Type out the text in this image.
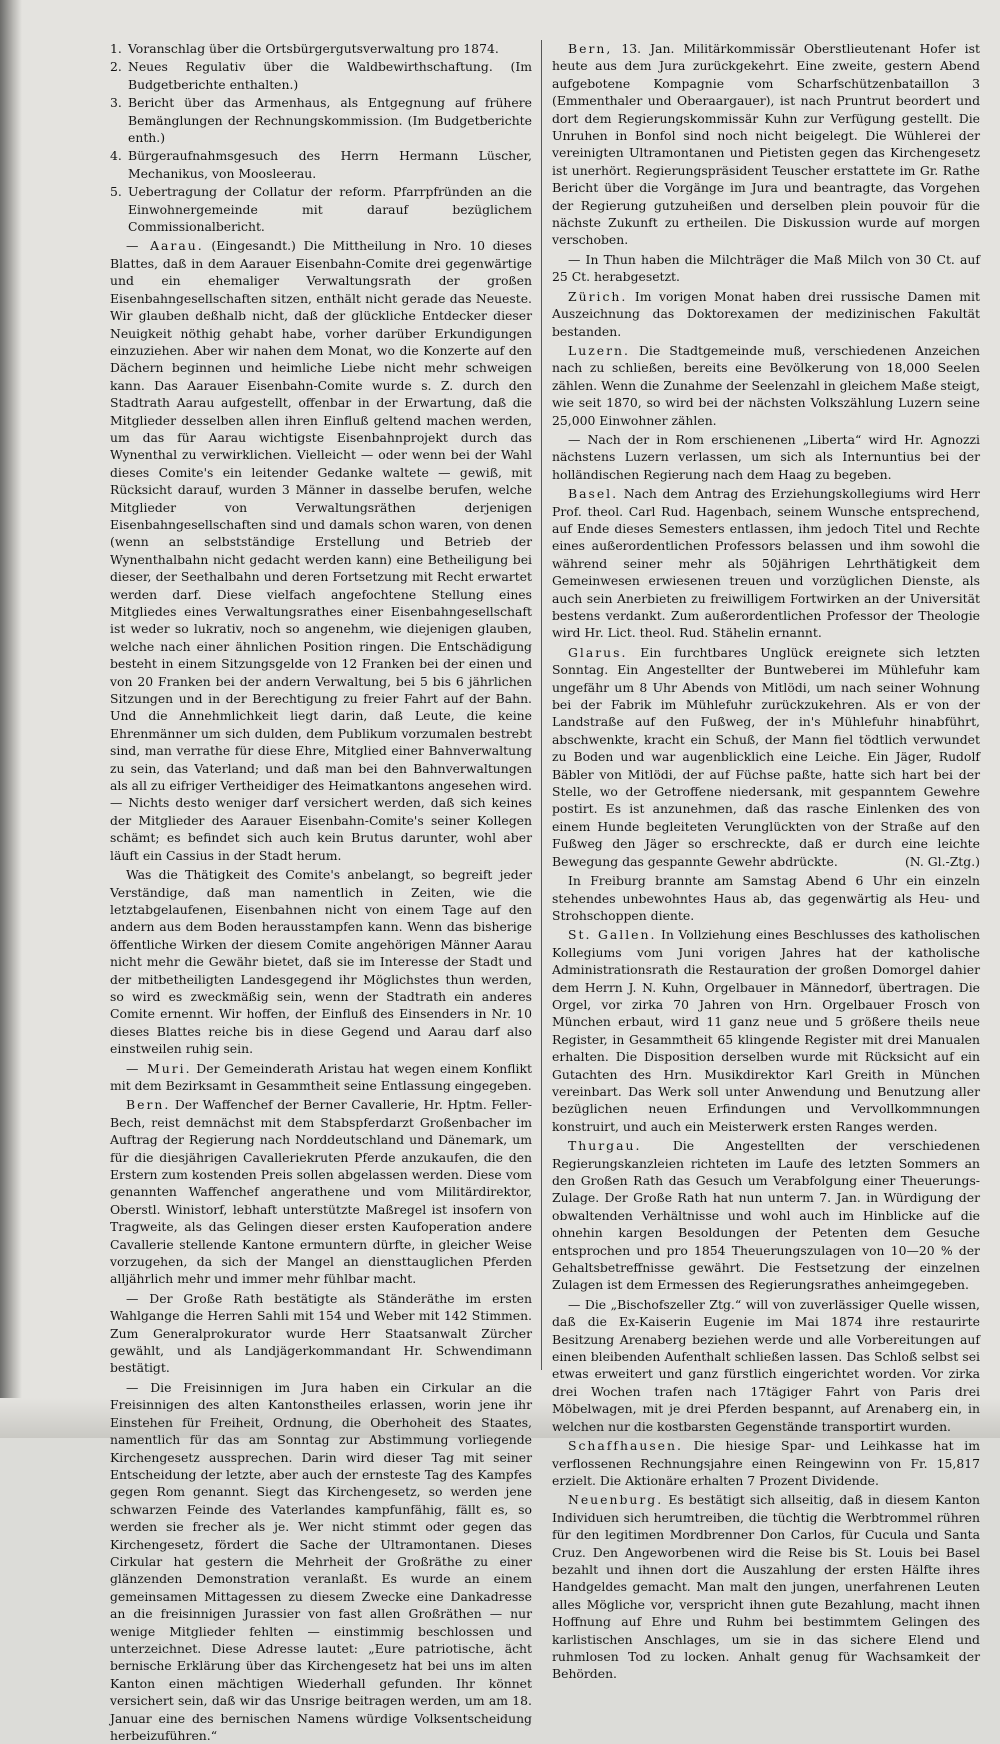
1. Voranschlag über die Ortsbürgergutsverwaltung pro 1874.
2. Neues Regulativ über die Waldbewirthschaftung. (Im Budgetberichte enthalten.)
3. Bericht über das Armenhaus, als Entgegnung auf frühere Bemänglungen der Rechnungskommission. (Im Budgetberichte enth.)
4. Bürgeraufnahmsgesuch des Herrn Hermann Lüscher, Mechanikus, von Moosleerau.
5. Uebertragung der Collatur der reform. Pfarrpfründen an die Einwohnergemeinde mit darauf bezüglichem Commissionalbericht.

— Aarau. (Eingesandt.) Die Mittheilung in Nro. 10 dieses Blattes, daß in dem Aarauer Eisenbahn-Comite drei gegenwärtige und ein ehemaliger Verwaltungsrath der großen Eisenbahngesellschaften sitzen, enthält nicht gerade das Neueste. Wir glauben deßhalb nicht, daß der glückliche Entdecker dieser Neuigkeit nöthig gehabt habe, vorher darüber Erkundigungen einzuziehen. Aber wir nahen dem Monat, wo die Konzerte auf den Dächern beginnen und heimliche Liebe nicht mehr schweigen kann. Das Aarauer Eisenbahn-Comite wurde s. Z. durch den Stadtrath Aarau aufgestellt, offenbar in der Erwartung, daß die Mitglieder desselben allen ihren Einfluß geltend machen werden, um das für Aarau wichtigste Eisenbahnprojekt durch das Wynenthal zu verwirklichen. Vielleicht — oder wenn bei der Wahl dieses Comite's ein leitender Gedanke waltete — gewiß, mit Rücksicht darauf, wurden 3 Männer in dasselbe berufen, welche Mitglieder von Verwaltungsräthen derjenigen Eisenbahngesellschaften sind und damals schon waren, von denen (wenn an selbstständige Erstellung und Betrieb der Wynenthalbahn nicht gedacht werden kann) eine Betheiligung bei dieser, der Seethalbahn und deren Fortsetzung mit Recht erwartet werden darf. Diese vielfach angefochtene Stellung eines Mitgliedes eines Verwaltungsrathes einer Eisenbahngesellschaft ist weder so lukrativ, noch so angenehm, wie diejenigen glauben, welche nach einer ähnlichen Position ringen. Die Entschädigung besteht in einem Sitzungsgelde von 12 Franken bei der einen und von 20 Franken bei der andern Verwaltung, bei 5 bis 6 jährlichen Sitzungen und in der Berechtigung zu freier Fahrt auf der Bahn. Und die Annehmlichkeit liegt darin, daß Leute, die keine Ehrenmänner um sich dulden, dem Publikum vorzumalen bestrebt sind, man verrathe für diese Ehre, Mitglied einer Bahnverwaltung zu sein, das Vaterland; und daß man bei den Bahnverwaltungen als all zu eifriger Vertheidiger des Heimatkantons angesehen wird. — Nichts desto weniger darf versichert werden, daß sich keines der Mitglieder des Aarauer Eisenbahn-Comite's seiner Kollegen schämt; es befindet sich auch kein Brutus darunter, wohl aber läuft ein Cassius in der Stadt herum.

Was die Thätigkeit des Comite's anbelangt, so begreift jeder Verständige, daß man namentlich in Zeiten, wie die letztabgelaufenen, Eisenbahnen nicht von einem Tage auf den andern aus dem Boden herausstampfen kann. Wenn das bisherige öffentliche Wirken der diesem Comite angehörigen Männer Aarau nicht mehr die Gewähr bietet, daß sie im Interesse der Stadt und der mitbetheiligten Landesgegend ihr Möglichstes thun werden, so wird es zweckmäßig sein, wenn der Stadtrath ein anderes Comite ernennt. Wir hoffen, der Einfluß des Einsenders in Nr. 10 dieses Blattes reiche bis in diese Gegend und Aarau darf also einstweilen ruhig sein.

— Muri. Der Gemeinderath Aristau hat wegen einem Konflikt mit dem Bezirksamt in Gesammtheit seine Entlassung eingegeben.

Bern. Der Waffenchef der Berner Cavallerie, Hr. Hptm. Feller-Bech, reist demnächst mit dem Stabspferdarzt Großenbacher im Auftrag der Regierung nach Norddeutschland und Dänemark, um für die diesjährigen Cavalleriekruten Pferde anzukaufen, die den Erstern zum kostenden Preis sollen abgelassen werden. Diese vom genannten Waffenchef angerathene und vom Militärdirektor, Oberstl. Winistorf, lebhaft unterstützte Maßregel ist insofern von Tragweite, als das Gelingen dieser ersten Kaufoperation andere Cavallerie stellende Kantone ermuntern dürfte, in gleicher Weise vorzugehen, da sich der Mangel an diensttauglichen Pferden alljährlich mehr und immer mehr fühlbar macht.

— Der Große Rath bestätigte als Ständeräthe im ersten Wahlgange die Herren Sahli mit 154 und Weber mit 142 Stimmen. Zum Generalprokurator wurde Herr Staatsanwalt Zürcher gewählt, und als Landjägerkommandant Hr. Schwendimann bestätigt.

— Die Freisinnigen im Jura haben ein Cirkular an die Freisinnigen des alten Kantonstheiles erlassen, worin jene ihr Einstehen für Freiheit, Ordnung, die Oberhoheit des Staates, namentlich für das am Sonntag zur Abstimmung vorliegende Kirchengesetz aussprechen. Darin wird dieser Tag mit seiner Entscheidung der letzte, aber auch der ernsteste Tag des Kampfes gegen Rom genannt. Siegt das Kirchengesetz, so werden jene schwarzen Feinde des Vaterlandes kampfunfähig, fällt es, so werden sie frecher als je. Wer nicht stimmt oder gegen das Kirchengesetz, fördert die Sache der Ultramontanen. Dieses Cirkular hat gestern die Mehrheit der Großräthe zu einer glänzenden Demonstration veranlaßt. Es wurde an einem gemeinsamen Mittagessen zu diesem Zwecke eine Dankadresse an die freisinnigen Jurassier von fast allen Großräthen — nur wenige Mitglieder fehlten — einstimmig beschlossen und unterzeichnet. Diese Adresse lautet: „Eure patriotische, ächt bernische Erklärung über das Kirchengesetz hat bei uns im alten Kanton einen mächtigen Wiederhall gefunden. Ihr könnet versichert sein, daß wir das Unsrige beitragen werden, um am 18. Januar eine des bernischen Namens würdige Volksentscheidung herbeizuführen.“

Bern, 13. Jan. Militärkommissär Oberstlieutenant Hofer ist heute aus dem Jura zurückgekehrt. Eine zweite, gestern Abend aufgebotene Kompagnie vom Scharfschützenbataillon 3 (Emmenthaler und Oberaargauer), ist nach Pruntrut beordert und dort dem Regierungskommissär Kuhn zur Verfügung gestellt. Die Unruhen in Bonfol sind noch nicht beigelegt. Die Wühlerei der vereinigten Ultramontanen und Pietisten gegen das Kirchengesetz ist unerhört. Regierungspräsident Teuscher erstattete im Gr. Rathe Bericht über die Vorgänge im Jura und beantragte, das Vorgehen der Regierung gutzuheißen und derselben plein pouvoir für die nächste Zukunft zu ertheilen. Die Diskussion wurde auf morgen verschoben.

— In Thun haben die Milchträger die Maß Milch von 30 Ct. auf 25 Ct. herabgesetzt.

Zürich. Im vorigen Monat haben drei russische Damen mit Auszeichnung das Doktorexamen der medizinischen Fakultät bestanden.

Luzern. Die Stadtgemeinde muß, verschiedenen Anzeichen nach zu schließen, bereits eine Bevölkerung von 18,000 Seelen zählen. Wenn die Zunahme der Seelenzahl in gleichem Maße steigt, wie seit 1870, so wird bei der nächsten Volkszählung Luzern seine 25,000 Einwohner zählen.

— Nach der in Rom erschienenen „Liberta“ wird Hr. Agnozzi nächstens Luzern verlassen, um sich als Internuntius bei der holländischen Regierung nach dem Haag zu begeben.

Basel. Nach dem Antrag des Erziehungskollegiums wird Herr Prof. theol. Carl Rud. Hagenbach, seinem Wunsche entsprechend, auf Ende dieses Semesters entlassen, ihm jedoch Titel und Rechte eines außerordentlichen Professors belassen und ihm sowohl die während seiner mehr als 50jährigen Lehrthätigkeit dem Gemeinwesen erwiesenen treuen und vorzüglichen Dienste, als auch sein Anerbieten zu freiwilligem Fortwirken an der Universität bestens verdankt. Zum außerordentlichen Professor der Theologie wird Hr. Lict. theol. Rud. Stähelin ernannt.

Glarus. Ein furchtbares Unglück ereignete sich letzten Sonntag. Ein Angestellter der Buntweberei im Mühlefuhr kam ungefähr um 8 Uhr Abends von Mitlödi, um nach seiner Wohnung bei der Fabrik im Mühlefuhr zurückzukehren. Als er von der Landstraße auf den Fußweg, der in's Mühlefuhr hinabführt, abschwenkte, kracht ein Schuß, der Mann fiel tödtlich verwundet zu Boden und war augenblicklich eine Leiche. Ein Jäger, Rudolf Bäbler von Mitlödi, der auf Füchse paßte, hatte sich hart bei der Stelle, wo der Getroffene niedersank, mit gespanntem Gewehre postirt. Es ist anzunehmen, daß das rasche Einlenken des von einem Hunde begleiteten Verunglückten von der Straße auf den Fußweg den Jäger so erschreckte, daß er durch eine leichte Bewegung das gespannte Gewehr abdrückte.	(N. Gl.-Ztg.)

In Freiburg brannte am Samstag Abend 6 Uhr ein einzeln stehendes unbewohntes Haus ab, das gegenwärtig als Heu- und Strohschoppen diente.

St. Gallen. In Vollziehung eines Beschlusses des katholischen Kollegiums vom Juni vorigen Jahres hat der katholische Administrationsrath die Restauration der großen Domorgel dahier dem Herrn J. N. Kuhn, Orgelbauer in Männedorf, übertragen. Die Orgel, vor zirka 70 Jahren von Hrn. Orgelbauer Frosch von München erbaut, wird 11 ganz neue und 5 größere theils neue Register, in Gesammtheit 65 klingende Register mit drei Manualen erhalten. Die Disposition derselben wurde mit Rücksicht auf ein Gutachten des Hrn. Musikdirektor Karl Greith in München vereinbart. Das Werk soll unter Anwendung und Benutzung aller bezüglichen neuen Erfindungen und Vervollkommnungen konstruirt, und auch ein Meisterwerk ersten Ranges werden.

Thurgau.	Die Angestellten der verschiedenen Regierungskanzleien richteten im Laufe des letzten Sommers an den Großen Rath das Gesuch um Verabfolgung einer Theuerungs-Zulage. Der Große Rath hat nun unterm 7. Jan. in Würdigung der obwaltenden Verhältnisse und wohl auch im Hinblicke auf die ohnehin kargen Besoldungen der Petenten dem Gesuche entsprochen und pro 1854 Theuerungszulagen von 10—20 % der Gehaltsbetreffnisse gewährt. Die Festsetzung der einzelnen Zulagen ist dem Ermessen des Regierungsrathes anheimgegeben.

— Die „Bischofszeller Ztg.“ will von zuverlässiger Quelle wissen, daß die Ex-Kaiserin Eugenie im Mai 1874 ihre restaurirte Besitzung Arenaberg beziehen werde und alle Vorbereitungen auf einen bleibenden Aufenthalt schließen lassen. Das Schloß selbst sei etwas erweitert und ganz fürstlich eingerichtet worden. Vor zirka drei Wochen trafen nach 17tägiger Fahrt von Paris drei Möbelwagen, mit je drei Pferden bespannt, auf Arenaberg ein, in welchen nur die kostbarsten Gegenstände transportirt wurden.

Schaffhausen. Die hiesige Spar- und Leihkasse hat im verflossenen Rechnungsjahre einen Reingewinn von Fr. 15,817 erzielt. Die Aktionäre erhalten 7 Prozent Dividende.

Neuenburg. Es bestätigt sich allseitig, daß in diesem Kanton Individuen sich herumtreiben, die tüchtig die Werbtrommel rühren für den legitimen Mordbrenner Don Carlos, für Cucula und Santa Cruz. Den Angeworbenen wird die Reise bis St. Louis bei Basel bezahlt und ihnen dort die Auszahlung der ersten Hälfte ihres Handgeldes gemacht. Man malt den jungen, unerfahrenen Leuten alles Mögliche vor, verspricht ihnen gute Bezahlung, macht ihnen Hoffnung auf Ehre und Ruhm bei bestimmtem Gelingen des karlistischen Anschlages, um sie in das sichere Elend und ruhmlosen Tod zu locken. Anhalt genug für Wachsamkeit der Behörden.
